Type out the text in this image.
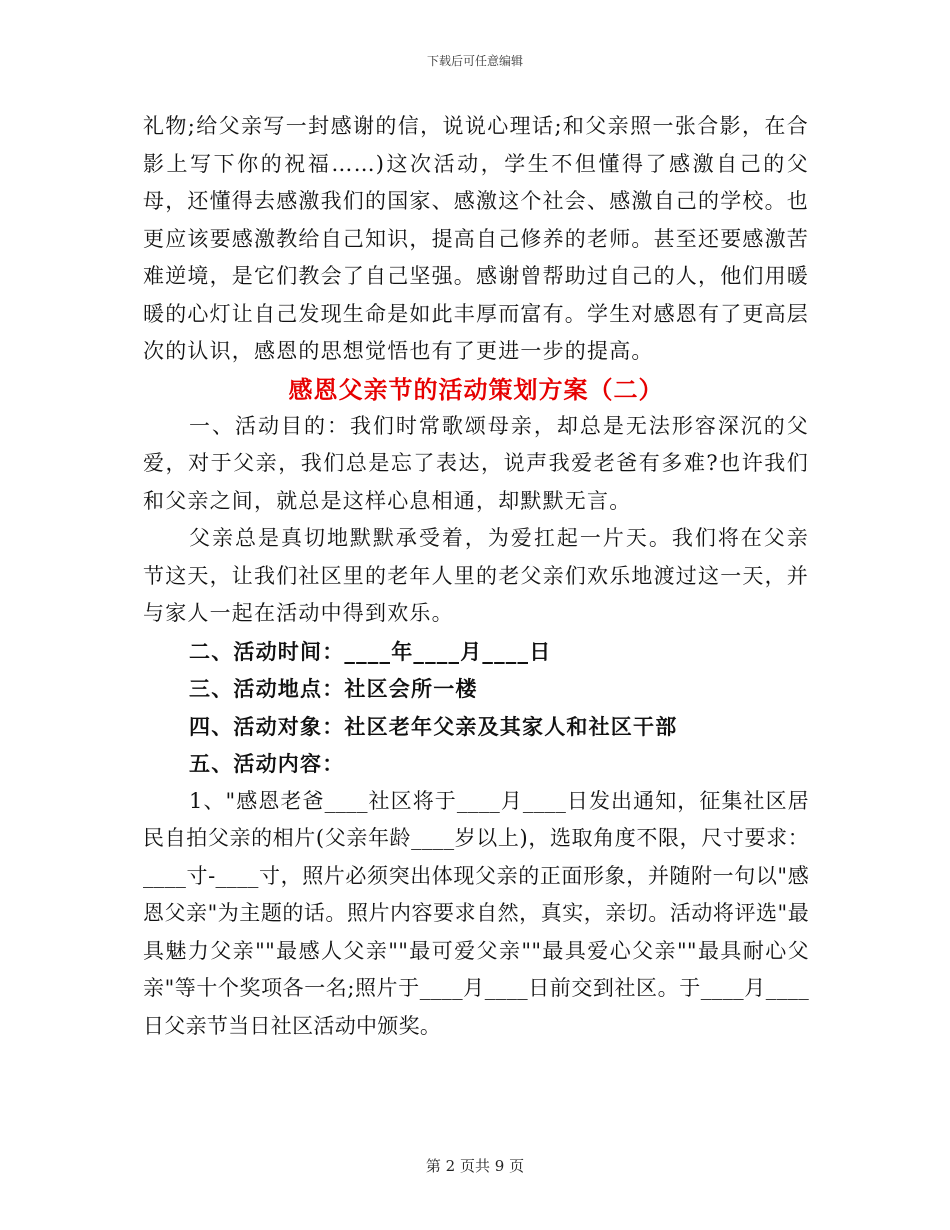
下载后可任意编辑

礼物;给父亲写一封感谢的信，说说心理话;和父亲照一张合影，在合影上写下你的祝福……)这次活动，学生不但懂得了感激自己的父母，还懂得去感激我们的国家、感激这个社会、感激自己的学校。也更应该要感激教给自己知识，提高自己修养的老师。甚至还要感激苦难逆境，是它们教会了自己坚强。感谢曾帮助过自己的人，他们用暖暖的心灯让自己发现生命是如此丰厚而富有。学生对感恩有了更高层次的认识，感恩的思想觉悟也有了更进一步的提高。

感恩父亲节的活动策划方案（二）

一、活动目的：我们时常歌颂母亲，却总是无法形容深沉的父爱，对于父亲，我们总是忘了表达，说声我爱老爸有多难?也许我们和父亲之间，就总是这样心息相通，却默默无言。

父亲总是真切地默默承受着，为爱扛起一片天。我们将在父亲节这天，让我们社区里的老年人里的老父亲们欢乐地渡过这一天，并与家人一起在活动中得到欢乐。

二、活动时间：____年____月____日

三、活动地点：社区会所一楼

四、活动对象：社区老年父亲及其家人和社区干部

五、活动内容：

1、"感恩老爸____社区将于____月____日发出通知，征集社区居民自拍父亲的相片(父亲年龄____岁以上)，选取角度不限，尺寸要求：____寸-____寸，照片必须突出体现父亲的正面形象，并随附一句以"感恩父亲"为主题的话。照片内容要求自然，真实，亲切。活动将评选"最具魅力父亲""最感人父亲""最可爱父亲""最具爱心父亲""最具耐心父亲"等十个奖项各一名;照片于____月____日前交到社区。于____月____日父亲节当日社区活动中颁奖。

第 2 页共 9 页
